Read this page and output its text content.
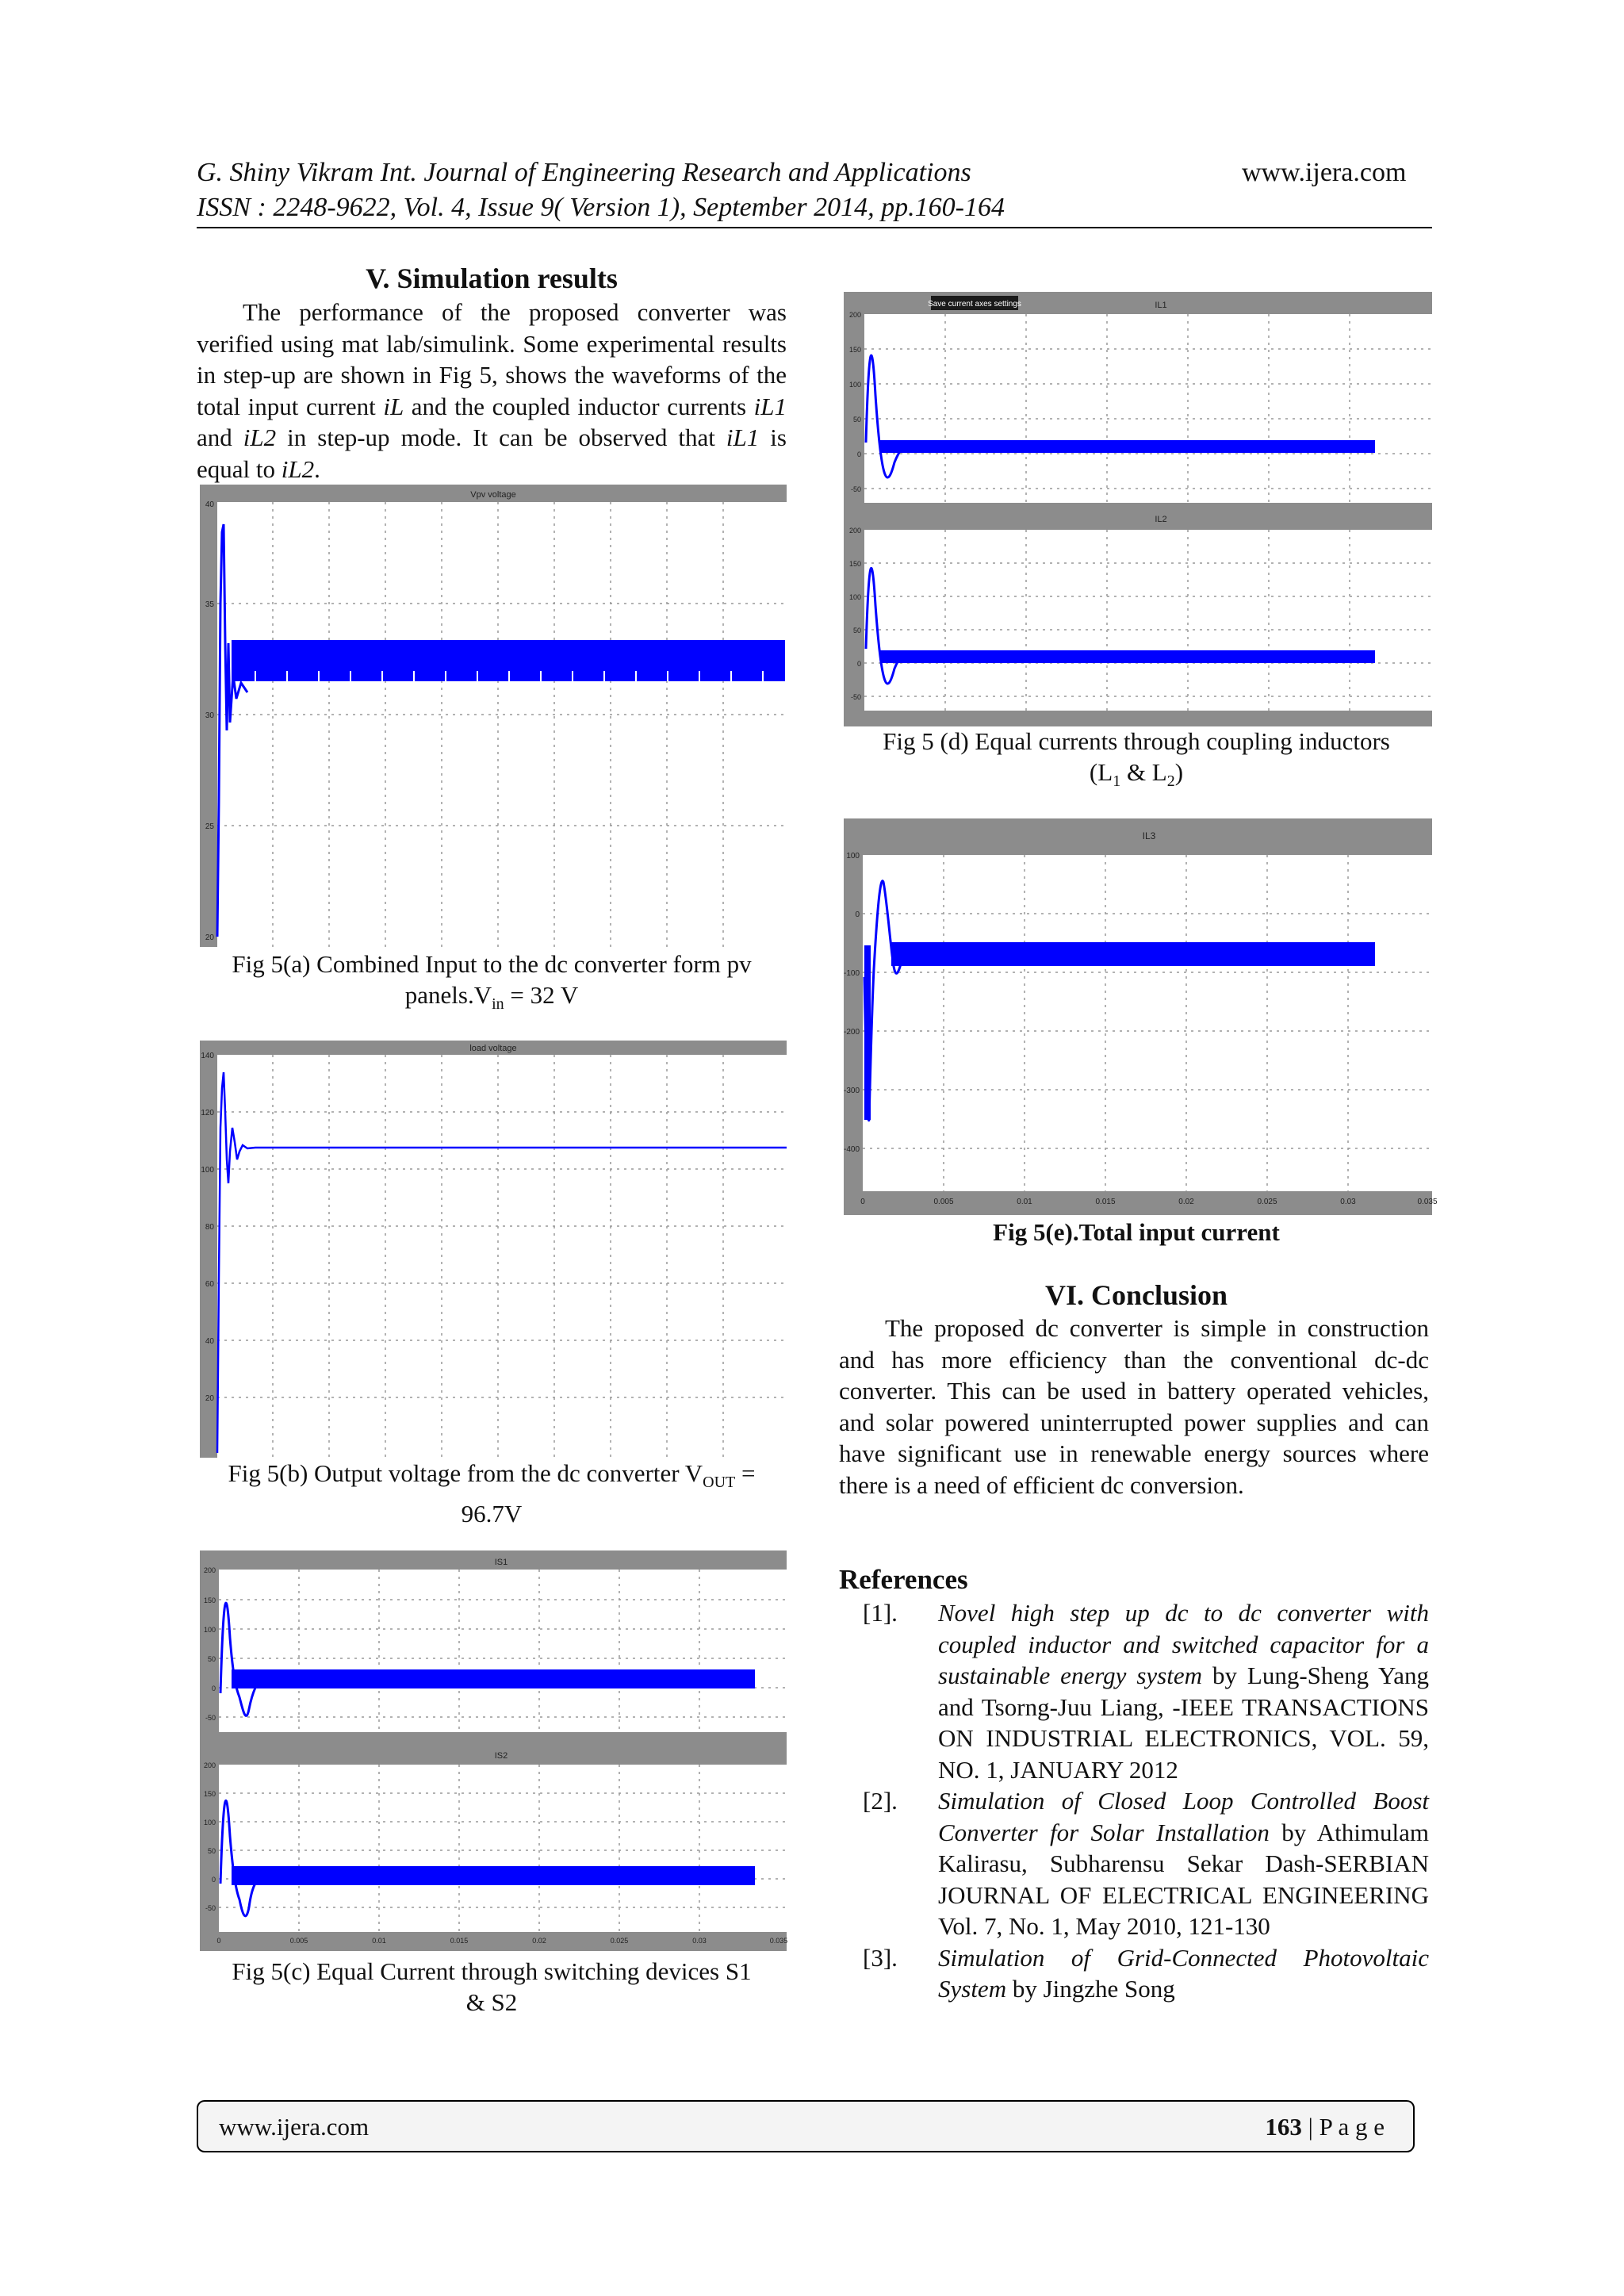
G. Shiny Vikram Int. Journal of Engineering Research and Applications	www.ijera.com
ISSN : 2248-9622, Vol. 4, Issue 9( Version 1), September 2014, pp.160-164
V. Simulation results

The performance of the proposed converter was verified using mat lab/simulink. Some experimental results in step-up are shown in Fig 5, shows the waveforms of the total input current iL and the coupled inductor currents iL1 and iL2 in step-up mode. It can be observed that iL1 is equal to iL2.

Vpv voltage
40
35
30
25
20
Fig 5(a) Combined Input to the dc converter form pv
$panels.V_{in} = 32$ V
load voltage
140
120
100
80
60
40
20
Fig 5(b) Output voltage from the dc converter $V_{OUT}$ =
96.7V
IS1
IS2
200
150
100
50
0
-50
200
150
100
50
0
-50
0	0.005	0.01	0.015	0.02	0.025	0.03	0.035
Fig 5(c) Equal Current through switching devices S1
& S2
Save current axes settings	IL1
IL2
200
150
100
50
0
-50
200
150
100
50
0
-50
Fig 5 (d) Equal currents through coupling inductors
($L_1$ & $L_2$)
IL3
100
0
-100
-200
-300
-400
0	0.005	0.01	0.015	0.02	0.025	0.03	0.035
Fig 5(e).Total input current
VI. Conclusion

The proposed dc converter is simple in construction and has more efficiency than the conventional dc-dc converter. This can be used in battery operated vehicles, and solar powered uninterrupted power supplies and can have significant use in renewable energy sources where there is a need of efficient dc conversion.

References
[1].	Novel high step up dc to dc converter with coupled inductor and switched capacitor for a sustainable energy system by Lung-Sheng Yang and Tsorng-Juu Liang, -IEEE TRANSACTIONS ON INDUSTRIAL ELECTRONICS, VOL. 59, NO. 1, JANUARY 2012
[2].	Simulation of Closed Loop Controlled Boost Converter for Solar Installation by Athimulam Kalirasu, Subharensu Sekar Dash-SERBIAN JOURNAL OF ELECTRICAL ENGINEERING Vol. 7, No. 1, May 2010, 121-130
[3].	Simulation of Grid-Connected Photovoltaic System by Jingzhe Song
www.ijera.com	163 | P a g e
